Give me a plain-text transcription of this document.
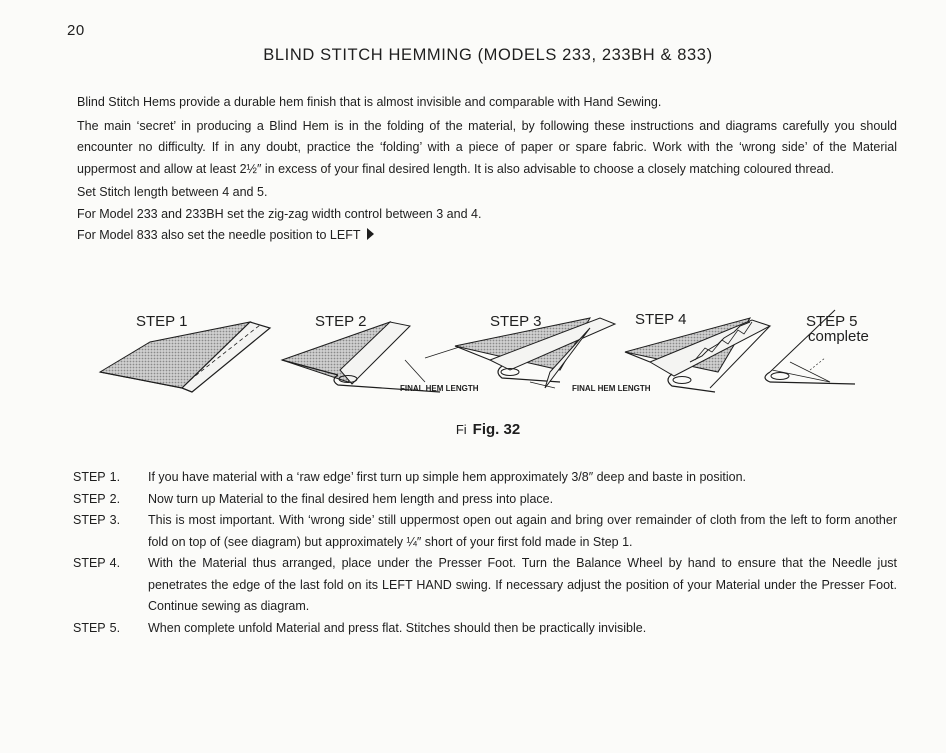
20
BLIND STITCH HEMMING (MODELS 233, 233BH & 833)

Blind Stitch Hems provide a durable hem finish that is almost invisible and comparable with Hand Sewing.

The main ‘secret’ in producing a Blind Hem is in the folding of the material, by following these instructions and diagrams carefully you should encounter no difficulty. If in any doubt, practice the ‘folding’ with a piece of paper or spare fabric. Work with the ‘wrong side’ of the Material uppermost and allow at least 2½″ in excess of your final desired length. It is also advisable to choose a closely matching coloured thread.

Set Stitch length between 4 and 5.

For Model 233 and 233BH set the zig-zag width control between 3 and 4.

For Model 833 also set the needle position to LEFT

STEP 1	STEP 2
FINAL HEM LENGTH
STEP 3
FINAL HEM LENGTH
STEP 4	STEP 5
complete
Fi Fig. 32
STEP 1.	If you have material with a ‘raw edge’ first turn up simple hem approximately 3/8″ deep and baste in position.
STEP 2.	Now turn up Material to the final desired hem length and press into place.
STEP 3.	This is most important. With ‘wrong side’ still uppermost open out again and bring over remainder of cloth from the left to form another fold on top of (see diagram) but approximately ¼″ short of your first fold made in Step 1.
STEP 4.	With the Material thus arranged, place under the Presser Foot. Turn the Balance Wheel by hand to ensure that the Needle just penetrates the edge of the last fold on its LEFT HAND swing. If necessary adjust the position of your Material under the Presser Foot. Continue sewing as diagram.
STEP 5.	When complete unfold Material and press flat. Stitches should then be practically invisible.
